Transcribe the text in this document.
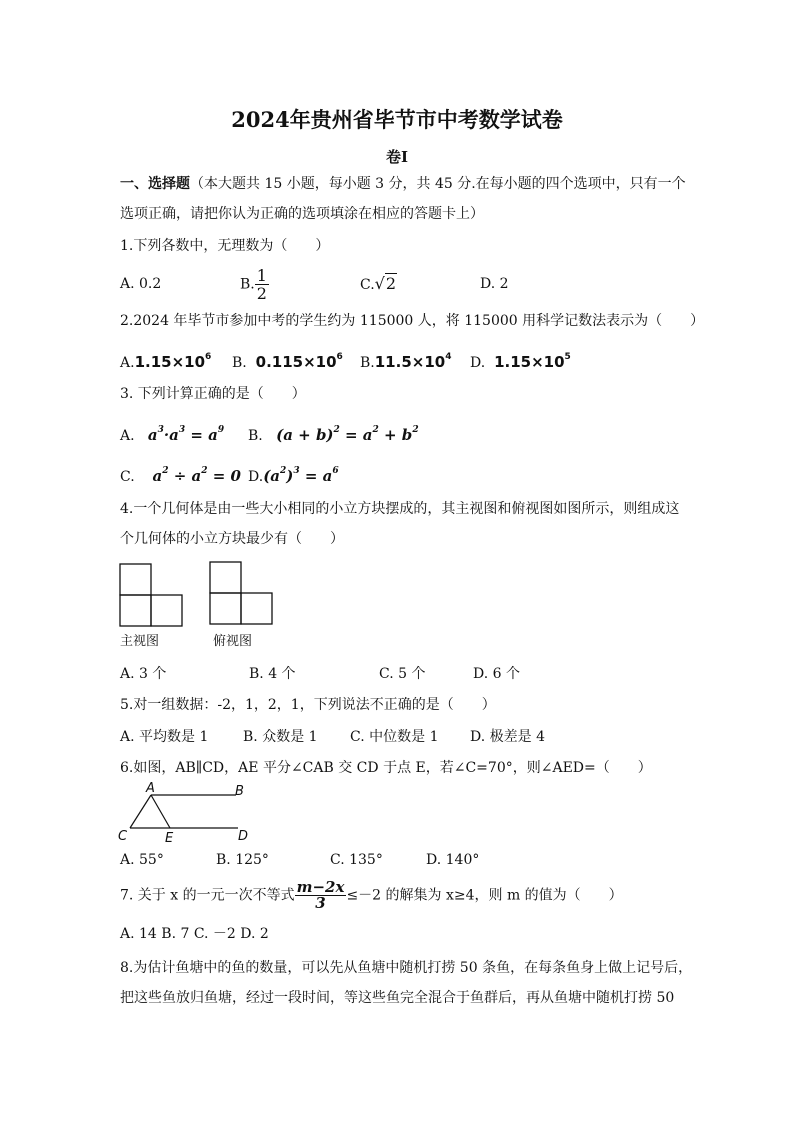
2024年贵州省毕节市中考数学试卷
卷Ⅰ
一、选择题（本大题共 15 小题，每小题 3 分，共 45 分.在每小题的四个选项中，只有一个
选项正确，请把你认为正确的选项填涂在相应的答题卡上）
1.下列各数中，无理数为（　　）
A. 0.2	B. $\frac{1}{2}$	C.√2	D. 2
2.2024 年毕节市参加中考的学生约为 115000 人，将 115000 用科学记数法表示为（　　）
$A.1.15\times 10^6$ B. $0.115\times 10^6$ $B.11.5\times 10^4$ D. $1.15\times 10^5$
3. 下列计算正确的是（　　）
A. $a^3\cdot a^3 = a^9$ B. $(a + b)^2 = a^2 + b^2$
C. $a^2 \div a^2 = 0$ $D.(a^2)^3 = a^6$
4.一个几何体是由一些大小相同的小立方块摆成的，其主视图和俯视图如图所示，则组成这
个几何体的小立方块最少有（　　）
主视图	俯视图
A. 3 个	B. 4 个	C. 5 个	D. 6 个
5.对一组数据：-2，1，2，1，下列说法不正确的是（　　）
A. 平均数是 1 B. 众数是 1 C. 中位数是 1 D. 极差是 4
6.如图，AB∥CD，AE 平分∠CAB 交 CD 于点 E，若∠C=70°，则∠AED=（　　）
A	B
C	D
E
A. 55°	B. 125°	C. 135°	D. 140°
7. 关于 x 的一元一次不等式 $\frac{m-2x}{3} \le-2$ 的解集为 x≥4，则 m 的值为（　　）
A. 14 B. 7 C. －2 D. 2
8.为估计鱼塘中的鱼的数量，可以先从鱼塘中随机打捞 50 条鱼，在每条鱼身上做上记号后，
把这些鱼放归鱼塘，经过一段时间，等这些鱼完全混合于鱼群后，再从鱼塘中随机打捞 50
